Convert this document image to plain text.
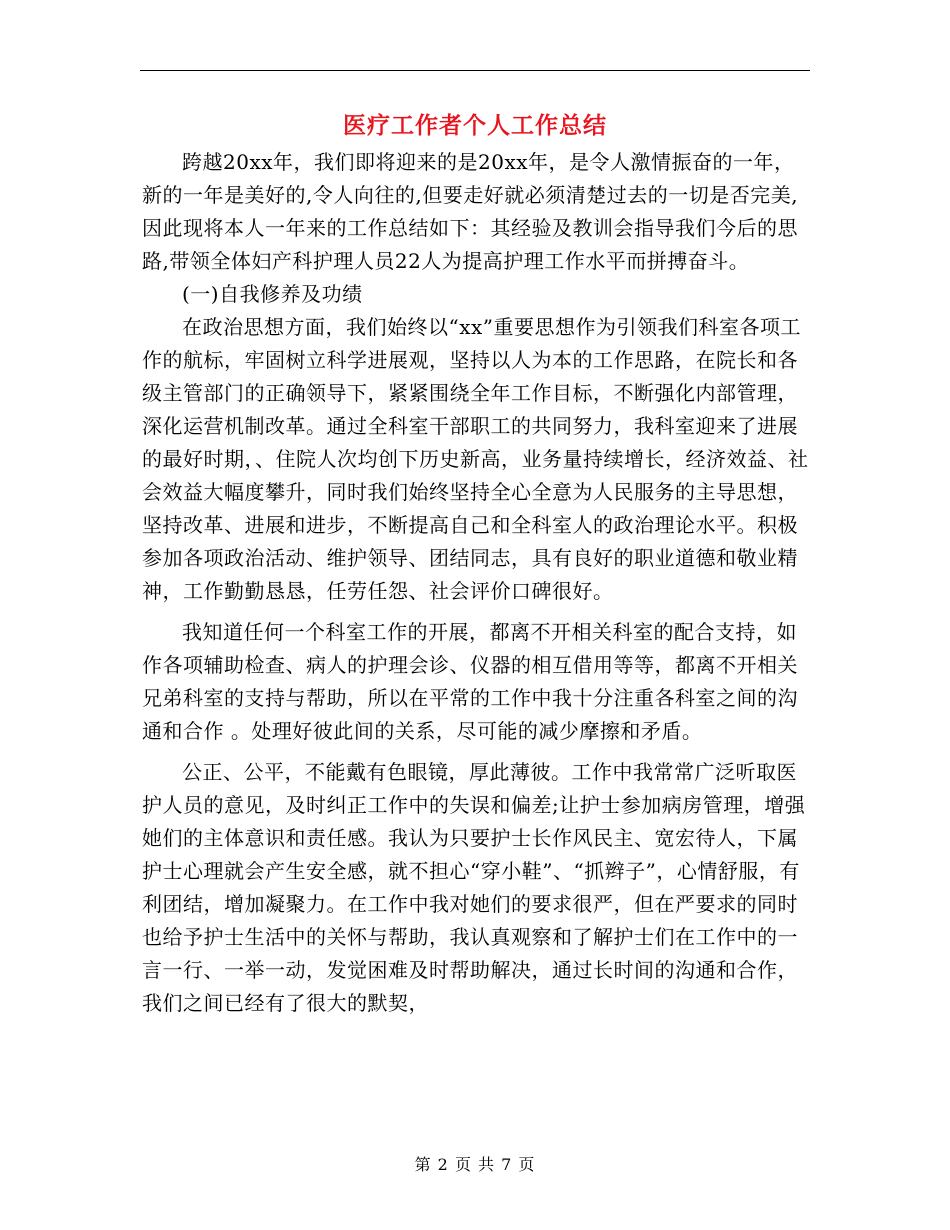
医疗工作者个人工作总结

跨越20xx年，我们即将迎来的是20xx年，是令人激情振奋的一年，新的一年是美好的,令人向往的,但要走好就必须清楚过去的一切是否完美,因此现将本人一年来的工作总结如下：其经验及教训会指导我们今后的思路,带领全体妇产科护理人员22人为提高护理工作水平而拼搏奋斗。

(一)自我修养及功绩

在政治思想方面，我们始终以“xx”重要思想作为引领我们科室各项工作的航标，牢固树立科学进展观，坚持以人为本的工作思路，在院长和各级主管部门的正确领导下，紧紧围绕全年工作目标，不断强化内部管理，深化运营机制改革。通过全科室干部职工的共同努力，我科室迎来了进展的最好时期，、住院人次均创下历史新高，业务量持续增长，经济效益、社会效益大幅度攀升，同时我们始终坚持全心全意为人民服务的主导思想，坚持改革、进展和进步，不断提高自己和全科室人的政治理论水平。积极参加各项政治活动、维护领导、团结同志，具有良好的职业道德和敬业精神，工作勤勤恳恳，任劳任怨、社会评价口碑很好。

我知道任何一个科室工作的开展，都离不开相关科室的配合支持，如作各项辅助检查、病人的护理会诊、仪器的相互借用等等，都离不开相关兄弟科室的支持与帮助，所以在平常的工作中我十分注重各科室之间的沟通和合作 。处理好彼此间的关系，尽可能的减少摩擦和矛盾。

公正、公平，不能戴有色眼镜，厚此薄彼。工作中我常常广泛听取医护人员的意见，及时纠正工作中的失误和偏差;让护士参加病房管理，增强她们的主体意识和责任感。我认为只要护士长作风民主、宽宏待人，下属护士心理就会产生安全感，就不担心“穿小鞋”、“抓辫子”，心情舒服，有利团结，增加凝聚力。在工作中我对她们的要求很严，但在严要求的同时也给予护士生活中的关怀与帮助，我认真观察和了解护士们在工作中的一言一行、一举一动，发觉困难及时帮助解决，通过长时间的沟通和合作，我们之间已经有了很大的默契，

第 2 页 共 7 页
